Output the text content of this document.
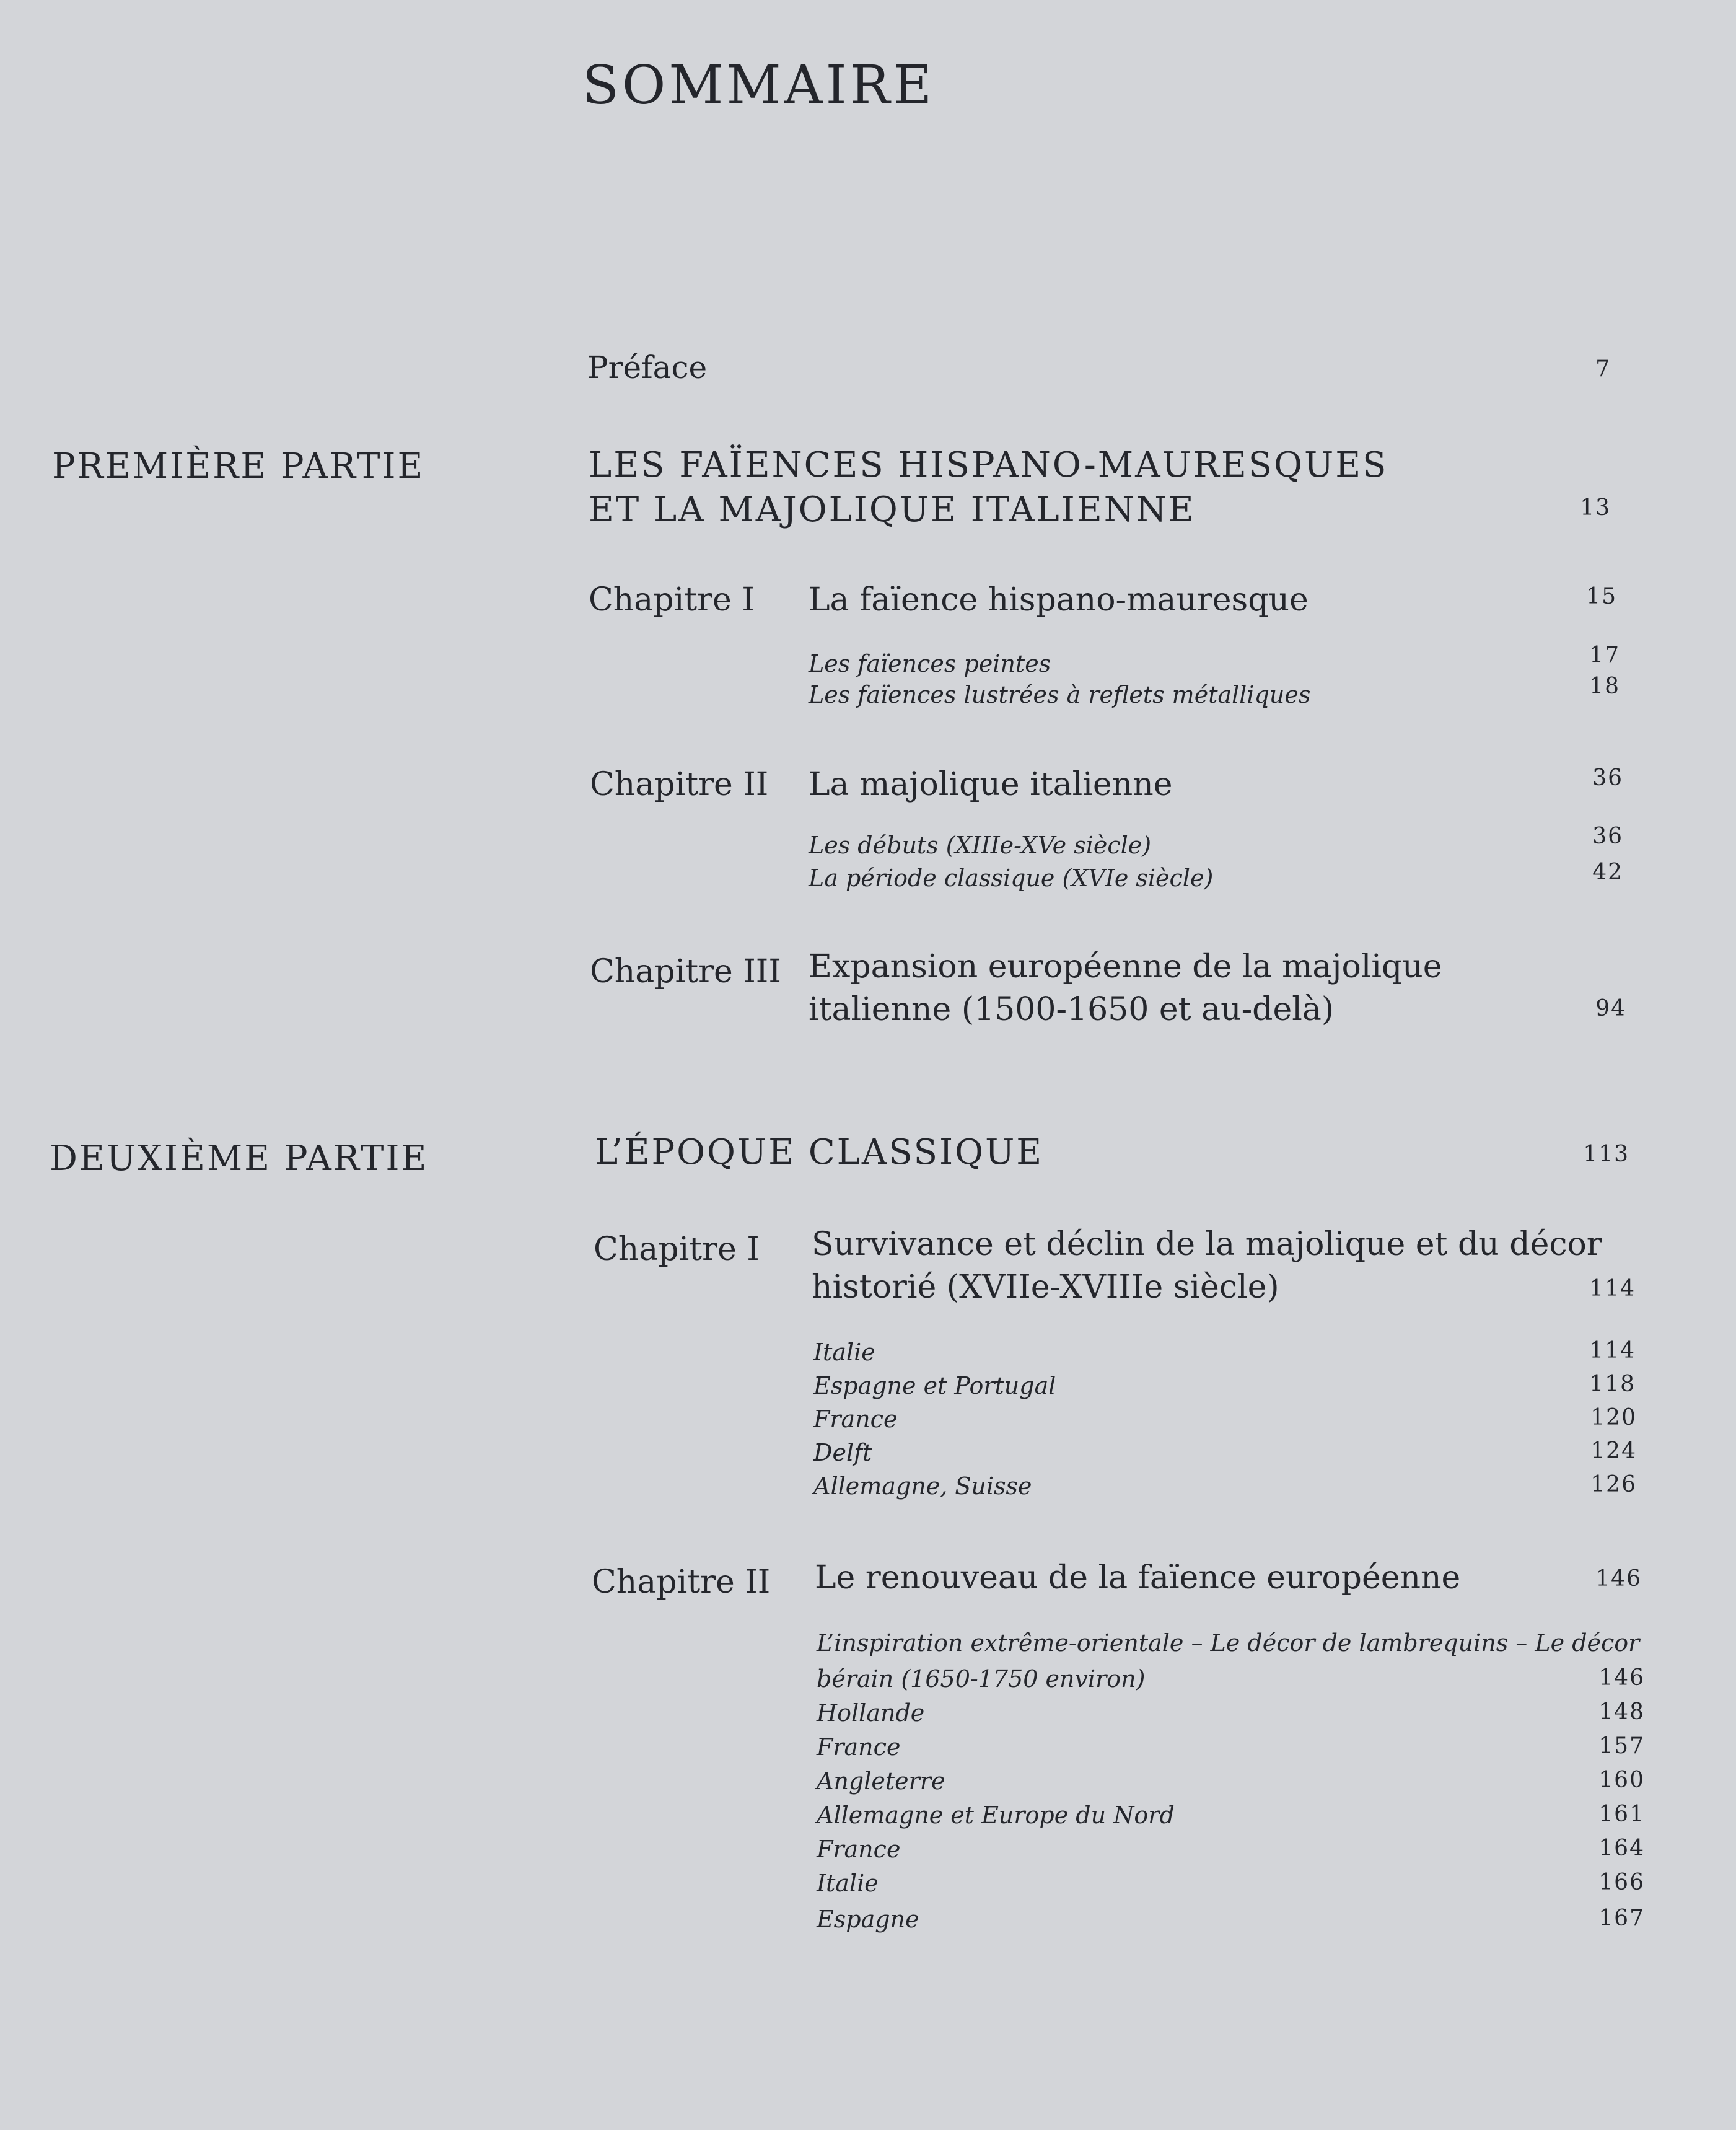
SOMMAIRE
Préface	7
PREMIÈRE PARTIE	LES FAÏENCES HISPANO-MAURESQUES
ET LA MAJOLIQUE ITALIENNE	13
Chapitre I La faïence hispano-mauresque	15
Les faïences peintes	17
Les faïences lustrées à reflets métalliques	18
Chapitre II La majolique italienne	36
Les débuts (XIIIe-XVe siècle)	36
La période classique (XVIe siècle)	42
Chapitre III Expansion européenne de la majolique
italienne (1500-1650 et au-delà)	94
DEUXIÈME PARTIE	L’ÉPOQUE CLASSIQUE	113
Chapitre I Survivance et déclin de la majolique et du décor
historié (XVIIe-XVIIIe siècle)	114
Italie	114
Espagne et Portugal	118
France	120
Delft	124
Allemagne, Suisse	126
Chapitre II Le renouveau de la faïence européenne	146
L’inspiration extrême-orientale – Le décor de lambrequins – Le décor
bérain (1650-1750 environ)	146
Hollande	148
France	157
Angleterre	160
Allemagne et Europe du Nord	161
France	164
Italie	166
Espagne	167
